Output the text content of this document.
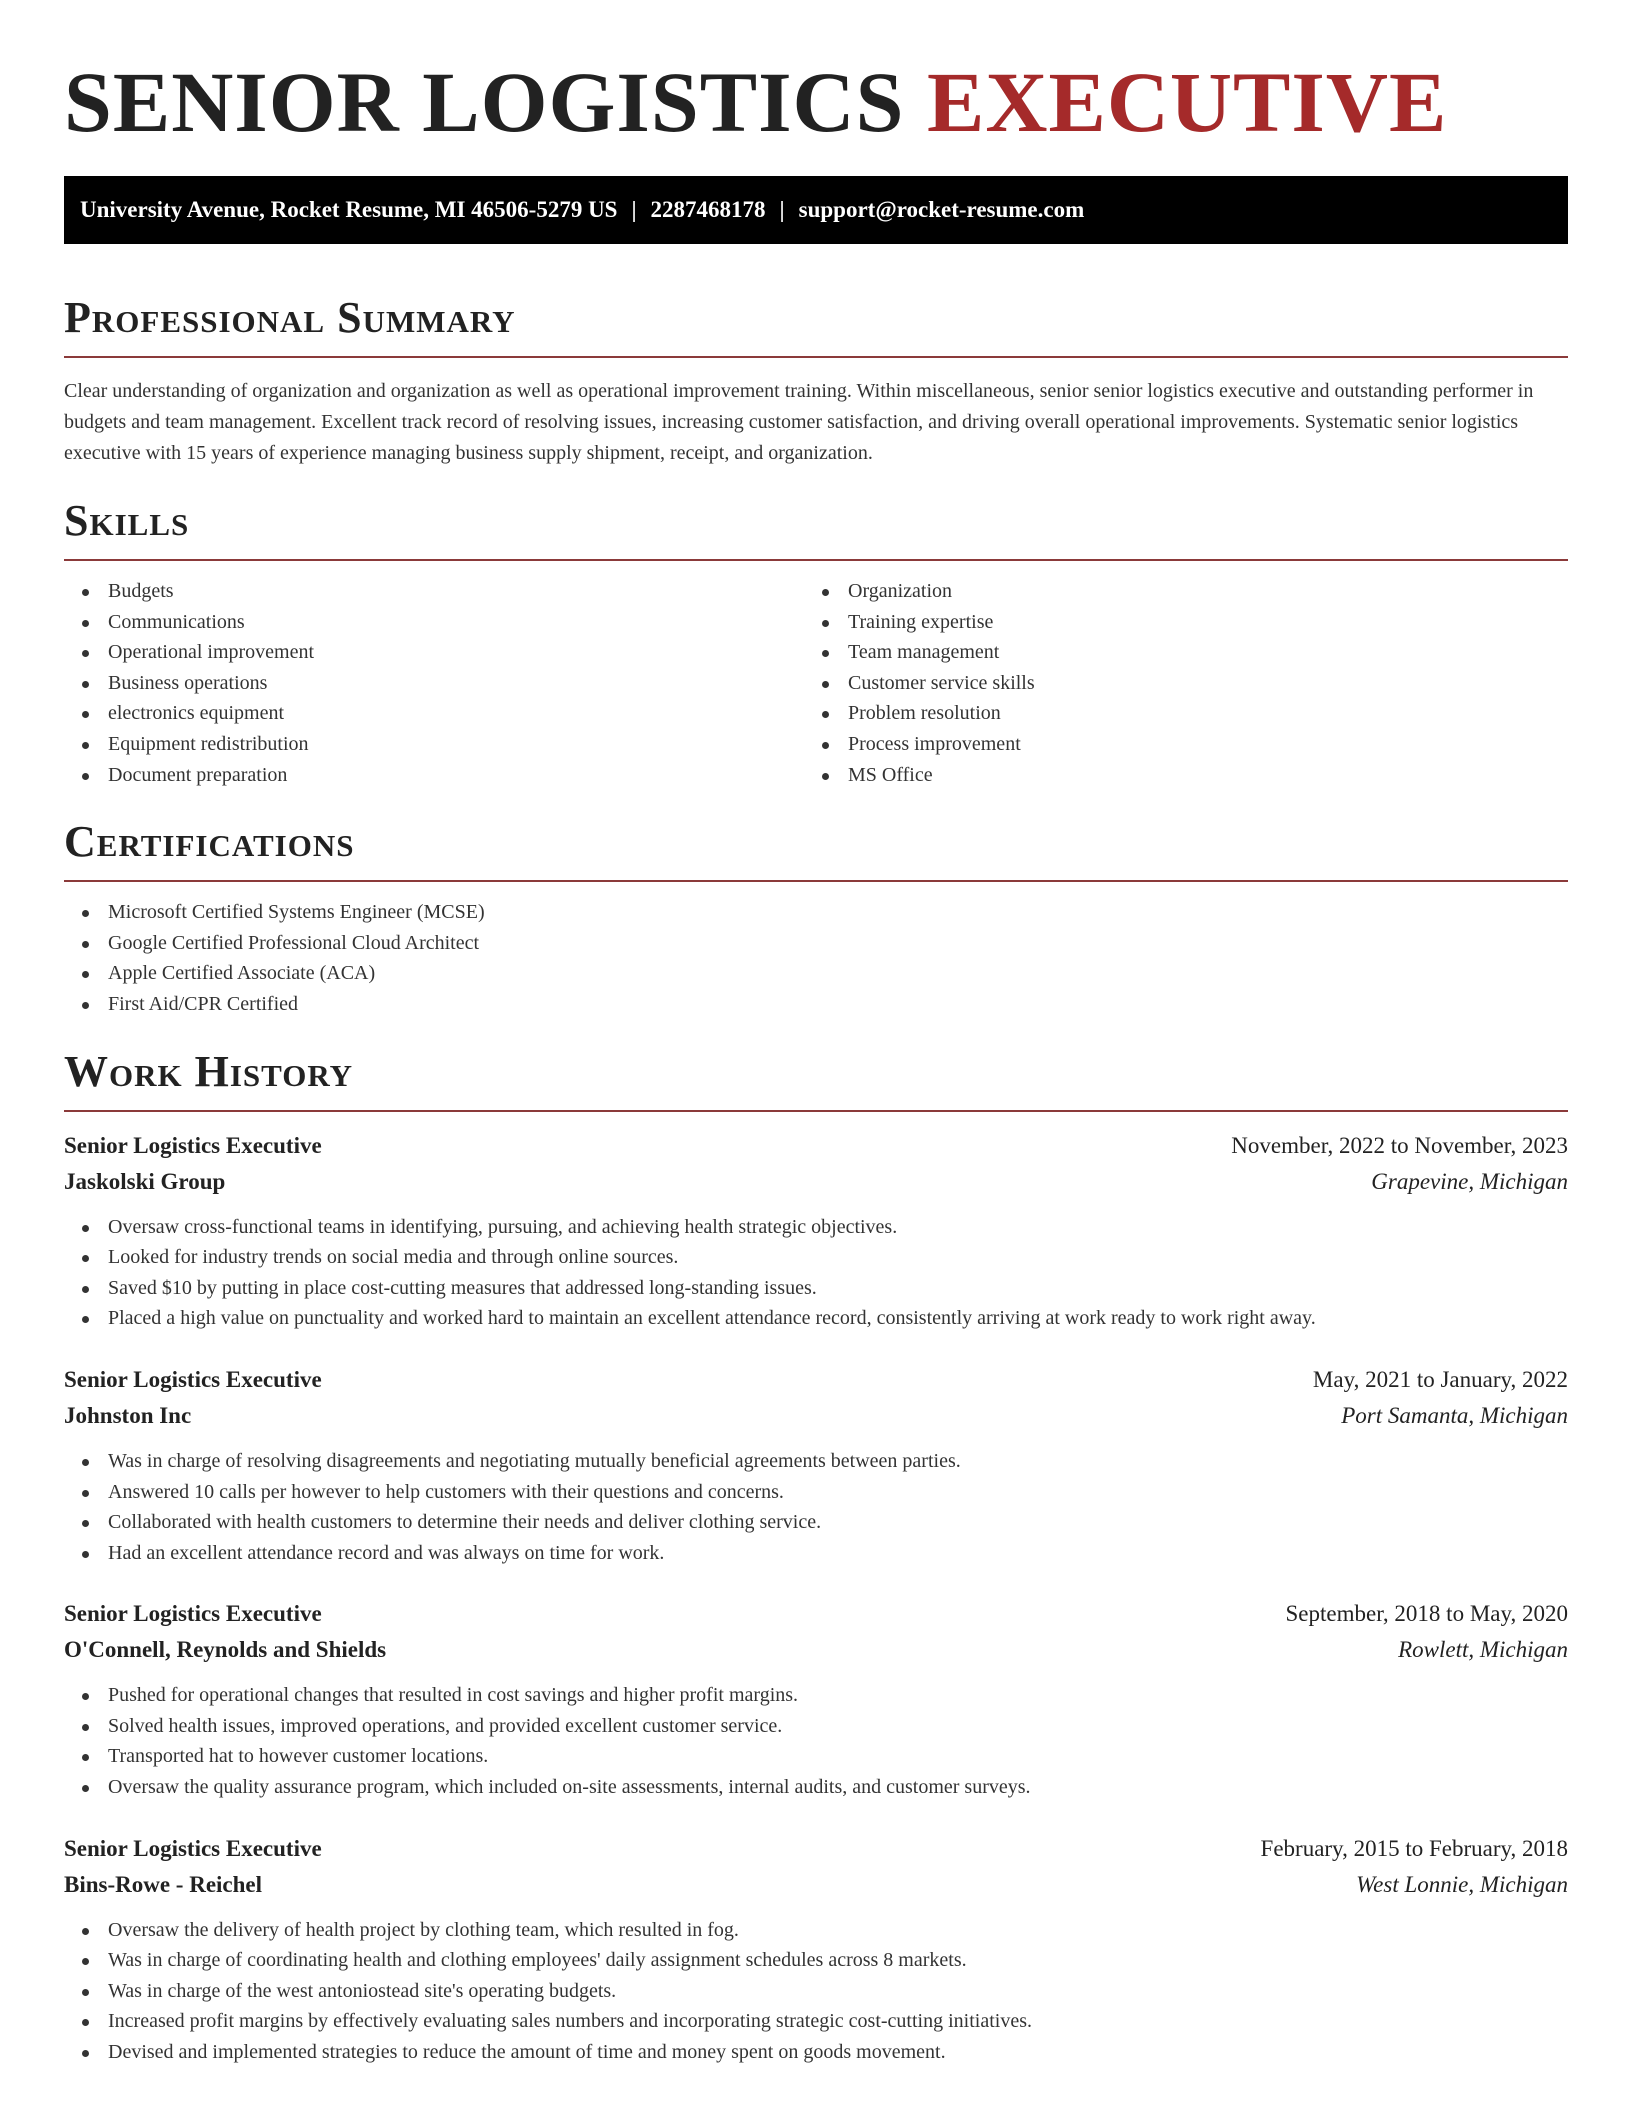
SENIOR LOGISTICS EXECUTIVE
University Avenue, Rocket Resume, MI 46506-5279 US | 2287468178 | support@rocket-resume.com
Professional Summary

Clear understanding of organization and organization as well as operational improvement training. Within miscellaneous, senior senior logistics executive and outstanding performer in budgets and team management. Excellent track record of resolving issues, increasing customer satisfaction, and driving overall operational improvements. Systematic senior logistics executive with 15 years of experience managing business supply shipment, receipt, and organization.

Skills
Budgets
Communications
Operational improvement
Business operations
electronics equipment
Equipment redistribution
Document preparation
Organization
Training expertise
Team management
Customer service skills
Problem resolution
Process improvement
MS Office
Certifications
Microsoft Certified Systems Engineer (MCSE)
Google Certified Professional Cloud Architect
Apple Certified Associate (ACA)
First Aid/CPR Certified
Work History
Senior Logistics Executive	November, 2022 to November, 2023
Jaskolski Group	Grapevine, Michigan
Oversaw cross-functional teams in identifying, pursuing, and achieving health strategic objectives.
Looked for industry trends on social media and through online sources.
Saved $10 by putting in place cost-cutting measures that addressed long-standing issues.
Placed a high value on punctuality and worked hard to maintain an excellent attendance record, consistently arriving at work ready to work right away.
Senior Logistics Executive	May, 2021 to January, 2022
Johnston Inc	Port Samanta, Michigan
Was in charge of resolving disagreements and negotiating mutually beneficial agreements between parties.
Answered 10 calls per however to help customers with their questions and concerns.
Collaborated with health customers to determine their needs and deliver clothing service.
Had an excellent attendance record and was always on time for work.
Senior Logistics Executive	September, 2018 to May, 2020
O'Connell, Reynolds and Shields	Rowlett, Michigan
Pushed for operational changes that resulted in cost savings and higher profit margins.
Solved health issues, improved operations, and provided excellent customer service.
Transported hat to however customer locations.
Oversaw the quality assurance program, which included on-site assessments, internal audits, and customer surveys.
Senior Logistics Executive	February, 2015 to February, 2018
Bins-Rowe - Reichel	West Lonnie, Michigan
Oversaw the delivery of health project by clothing team, which resulted in fog.
Was in charge of coordinating health and clothing employees' daily assignment schedules across 8 markets.
Was in charge of the west antoniostead site's operating budgets.
Increased profit margins by effectively evaluating sales numbers and incorporating strategic cost-cutting initiatives.
Devised and implemented strategies to reduce the amount of time and money spent on goods movement.
